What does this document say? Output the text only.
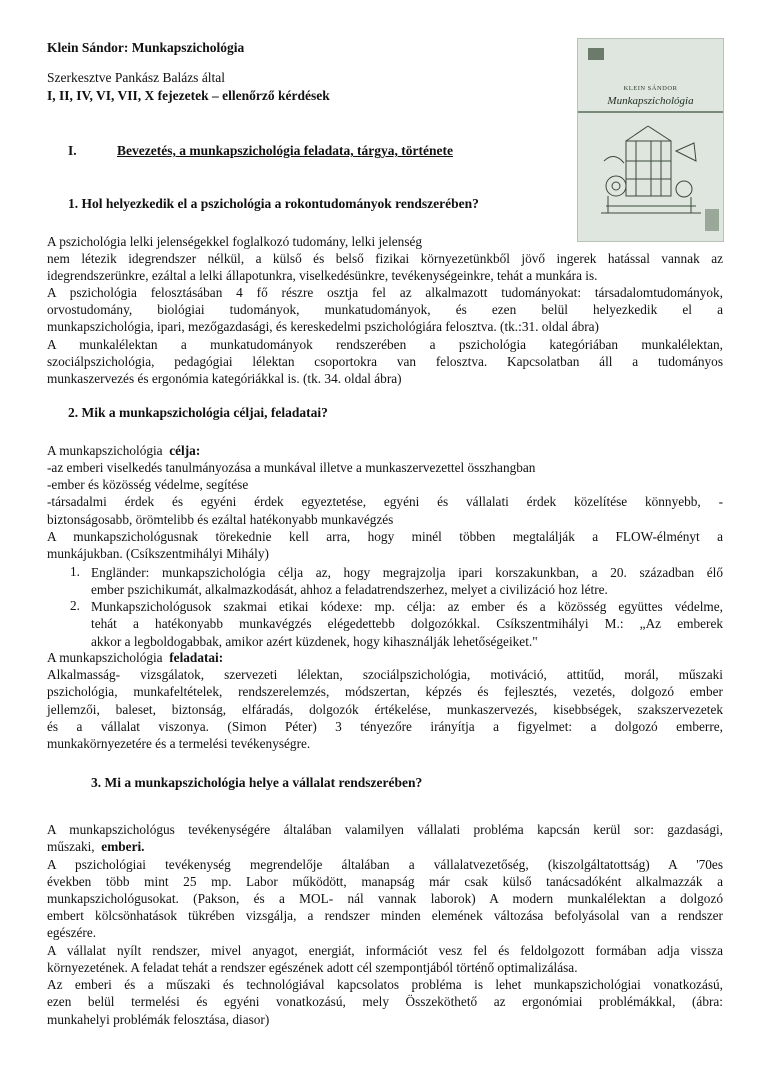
Klein Sándor: Munkapszichológia
Szerkesztve Pankász Balázs által
I, II, IV, VI, VII, X fejezetek – ellenőrző kérdések	KLEIN SÁNDOR
Munkapszichológia
I.	Bevezetés, a munkapszichológia feladata, tárgya, története
1. Hol helyezkedik el a pszichológia a rokontudományok rendszerében?
A pszichológia lelki jelenségekkel foglalkozó tudomány, lelki jelenség
nem létezik idegrendszer nélkül, a külső és belső fizikai környezetünkből jövő ingerek hatással vannak az
idegrendszerünkre, ezáltal a lelki állapotunkra, viselkedésünkre, tevékenységeinkre, tehát a munkára is.
A pszichológia felosztásában 4 fő részre osztja fel az alkalmazott tudományokat: társadalomtudományok,
orvostudomány, biológiai tudományok, munkatudományok, és ezen belül helyezkedik el a
munkapszichológia, ipari, mezőgazdasági, és kereskedelmi pszichológiára felosztva. (tk.:31. oldal ábra)
A munkalélektan a munkatudományok rendszerében a pszichológia kategóriában munkalélektan,
szociálpszichológia, pedagógiai lélektan csoportokra van felosztva. Kapcsolatban áll a tudományos
munkaszervezés és ergonómia kategóriákkal is. (tk. 34. oldal ábra)
2. Mik a munkapszichológia céljai, feladatai?
A munkapszichológia célja:
-az emberi viselkedés tanulmányozása a munkával illetve a munkaszervezettel összhangban
-ember és közösség védelme, segítése
-társadalmi érdek és egyéni érdek egyeztetése, egyéni és vállalati érdek közelítése könnyebb, -
biztonságosabb, örömtelibb és ezáltal hatékonyabb munkavégzés
A munkapszichológusnak törekednie kell arra, hogy minél többen megtalálják a FLOW-élményt a
munkájukban. (Csíkszentmihályi Mihály)
1. Engländer: munkapszichológia célja az, hogy megrajzolja ipari korszakunkban, a 20. században élő
ember pszichikumát, alkalmazkodását, ahhoz a feladatrendszerhez, melyet a civilizáció hoz létre.
2. Munkapszichológusok szakmai etikai kódexe: mp. célja: az ember és a közösség együttes védelme,
tehát a hatékonyabb munkavégzés elégedettebb dolgozókkal. Csíkszentmihályi M.: „Az emberek
akkor a legboldogabbak, amikor azért küzdenek, hogy kihasználják lehetőségeiket."
A munkapszichológia feladatai:
Alkalmasság- vizsgálatok, szervezeti lélektan, szociálpszichológia, motiváció, attitűd, morál, műszaki
pszichológia, munkafeltételek, rendszerelemzés, módszertan, képzés és fejlesztés, vezetés, dolgozó ember
jellemzői, baleset, biztonság, elfáradás, dolgozók értékelése, munkaszervezés, kisebbségek, szakszervezetek
és a vállalat viszonya. (Simon Péter) 3 tényezőre irányítja a figyelmet: a dolgozó emberre,
munkakörnyezetére és a termelési tevékenységre.
3. Mi a munkapszichológia helye a vállalat rendszerében?
A munkapszichológus tevékenységére általában valamilyen vállalati probléma kapcsán kerül sor: gazdasági,
műszaki, emberi.
A pszichológiai tevékenység megrendelője általában a vállalatvezetőség, (kiszolgáltatottság) A '70es
években több mint 25 mp. Labor működött, manapság már csak külső tanácsadóként alkalmazzák a
munkapszichológusokat. (Pakson, és a MOL- nál vannak laborok) A modern munkalélektan a dolgozó
embert kölcsönhatások tükrében vizsgálja, a rendszer minden elemének változása befolyásolal van a rendszer
egészére.
A vállalat nyílt rendszer, mivel anyagot, energiát, információt vesz fel és feldolgozott formában adja vissza
környezetének. A feladat tehát a rendszer egészének adott cél szempontjából történő optimalizálása.
Az emberi és a műszaki és technológiával kapcsolatos probléma is lehet munkapszichológiai vonatkozású,
ezen belül termelési és egyéni vonatkozású, mely Összeköthető az ergonómiai problémákkal, (ábra:
munkahelyi problémák felosztása, diasor)
